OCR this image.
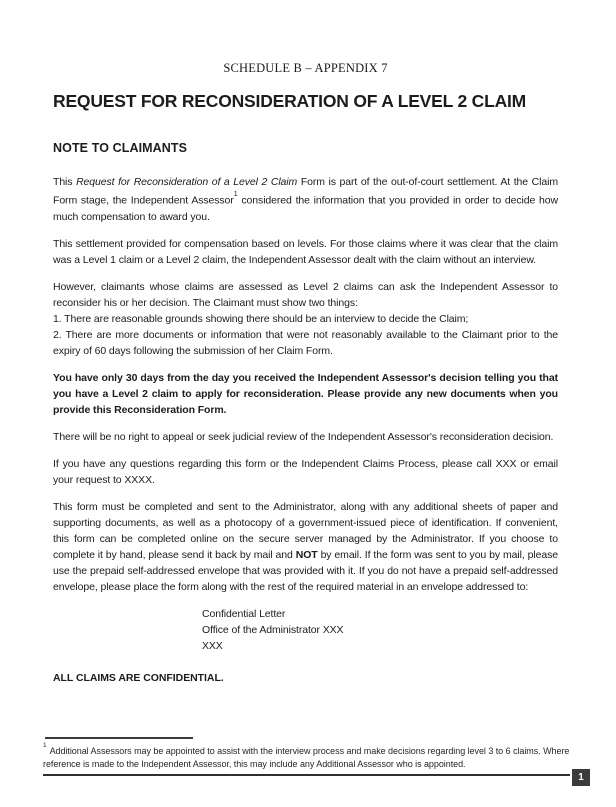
SCHEDULE B – APPENDIX 7
REQUEST FOR RECONSIDERATION OF A LEVEL 2 CLAIM
NOTE TO CLAIMANTS

This Request for Reconsideration of a Level 2 Claim Form is part of the out-of-court settlement. At the Claim Form stage, the Independent Assessor$^1$ considered the information that you provided in order to decide how much compensation to award you.

This settlement provided for compensation based on levels. For those claims where it was clear that the claim was a Level 1 claim or a Level 2 claim, the Independent Assessor dealt with the claim without an interview.

However, claimants whose claims are assessed as Level 2 claims can ask the Independent Assessor to reconsider his or her decision. The Claimant must show two things:

1. There are reasonable grounds showing there should be an interview to decide the Claim;

2. There are more documents or information that were not reasonably available to the Claimant prior to the expiry of 60 days following the submission of her Claim Form.

You have only 30 days from the day you received the Independent Assessor's decision telling you that you have a Level 2 claim to apply for reconsideration. Please provide any new documents when you provide this Reconsideration Form.

There will be no right to appeal or seek judicial review of the Independent Assessor's reconsideration decision.

If you have any questions regarding this form or the Independent Claims Process, please call XXX or email your request to XXXX.

This form must be completed and sent to the Administrator, along with any additional sheets of paper and supporting documents, as well as a photocopy of a government-issued piece of identification. If convenient, this form can be completed online on the secure server managed by the Administrator. If you choose to complete it by hand, please send it back by mail and NOT by email. If the form was sent to you by mail, please use the prepaid self-addressed envelope that was provided with it. If you do not have a prepaid self-addressed envelope, please place the form along with the rest of the required material in an envelope addressed to:

Confidential Letter
Office of the Administrator XXX
XXX

ALL CLAIMS ARE CONFIDENTIAL.

$^1$Additional Assessors may be appointed to assist with the interview process and make decisions regarding level 3 to 6 claims. Where reference is made to the Independent Assessor, this may include any Additional Assessor who is appointed.
1
